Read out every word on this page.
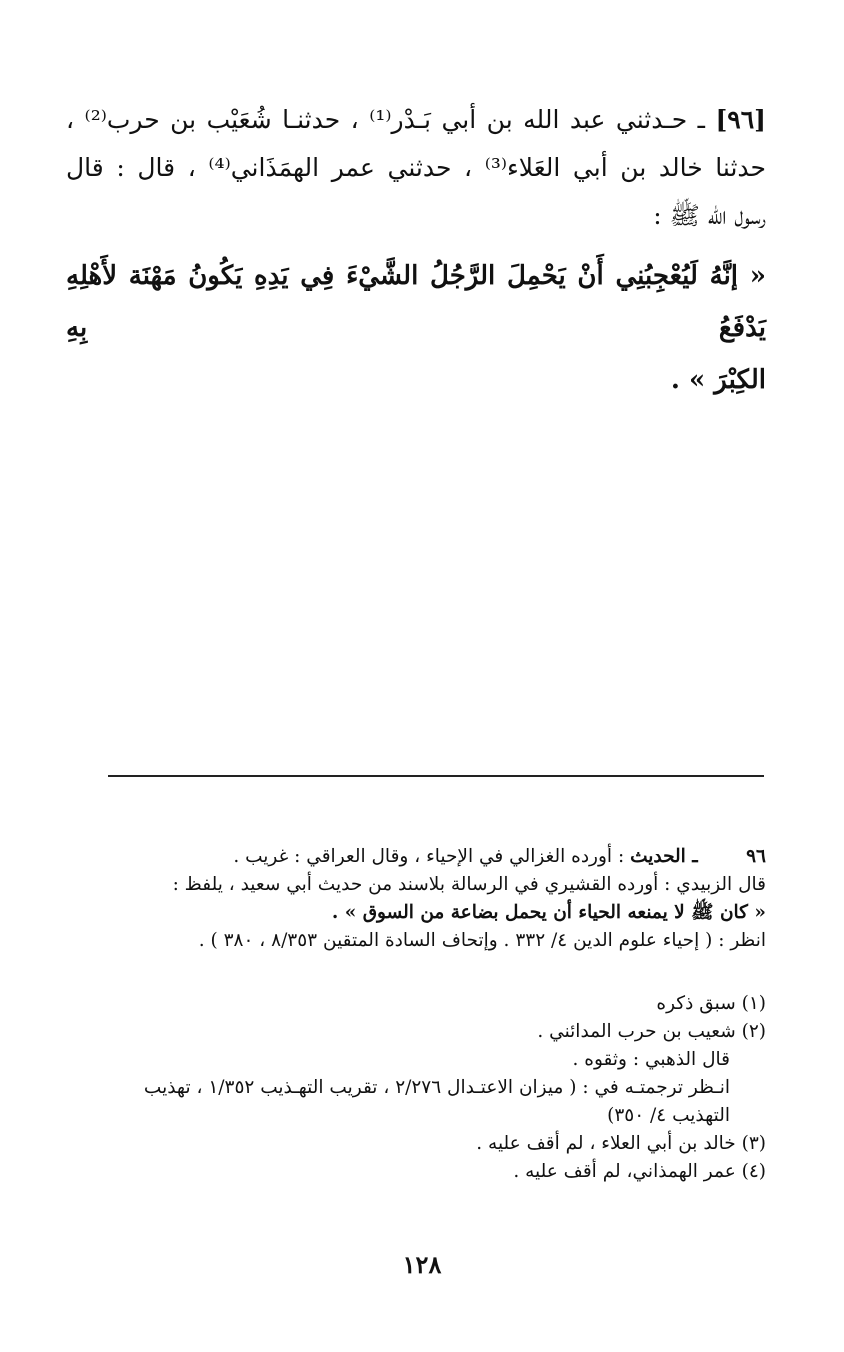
[٩٦] ـ حـدثني عبد الله بن أبي بَـدْر⁽¹⁾ ، حدثنـا شُعَيْب بن حرب⁽²⁾ ،

حدثنا خالد بن أبي العَلاء⁽³⁾ ، حدثني عمر الهمَذَاني⁽⁴⁾ ، قال : قال

رسول الله ﷺ :

« إنَّهُ لَيُعْجِبُنِي أَنْ يَحْمِلَ الرَّجُلُ الشَّيْءَ فِي يَدِهِ يَكُونُ مَهْنَة لأَهْلِهِ يَدْفَعُ بِهِ

الكِبْرَ » .

٩٦ ـ الحديث : أورده الغزالي في الإحياء ، وقال العراقي : غريب .

قال الزبيدي : أورده القشيري في الرسالة بلاسند من حديث أبي سعيد ، يلفظ :

« كان ﷺ لا يمنعه الحياء أن يحمل بضاعة من السوق » .

انظر : ( إحياء علوم الدين ٤/ ٣٣٢ . وإتحاف السادة المتقين ٨/٣٥٣ ، ٣٨٠ ) .

(١) سبق ذكره

(٢) شعيب بن حرب المدائني .

قال الذهبي : وثقوه .

انـظر ترجمتـه في : ( ميزان الاعتـدال ٢/٢٧٦ ، تقريب التهـذيب ١/٣٥٢ ، تهذيب

التهذيب ٤/ ٣٥٠)

(٣) خالد بن أبي العلاء ، لم أقف عليه .

(٤) عمر الهمذاني، لم أقف عليه .

١٢٨
